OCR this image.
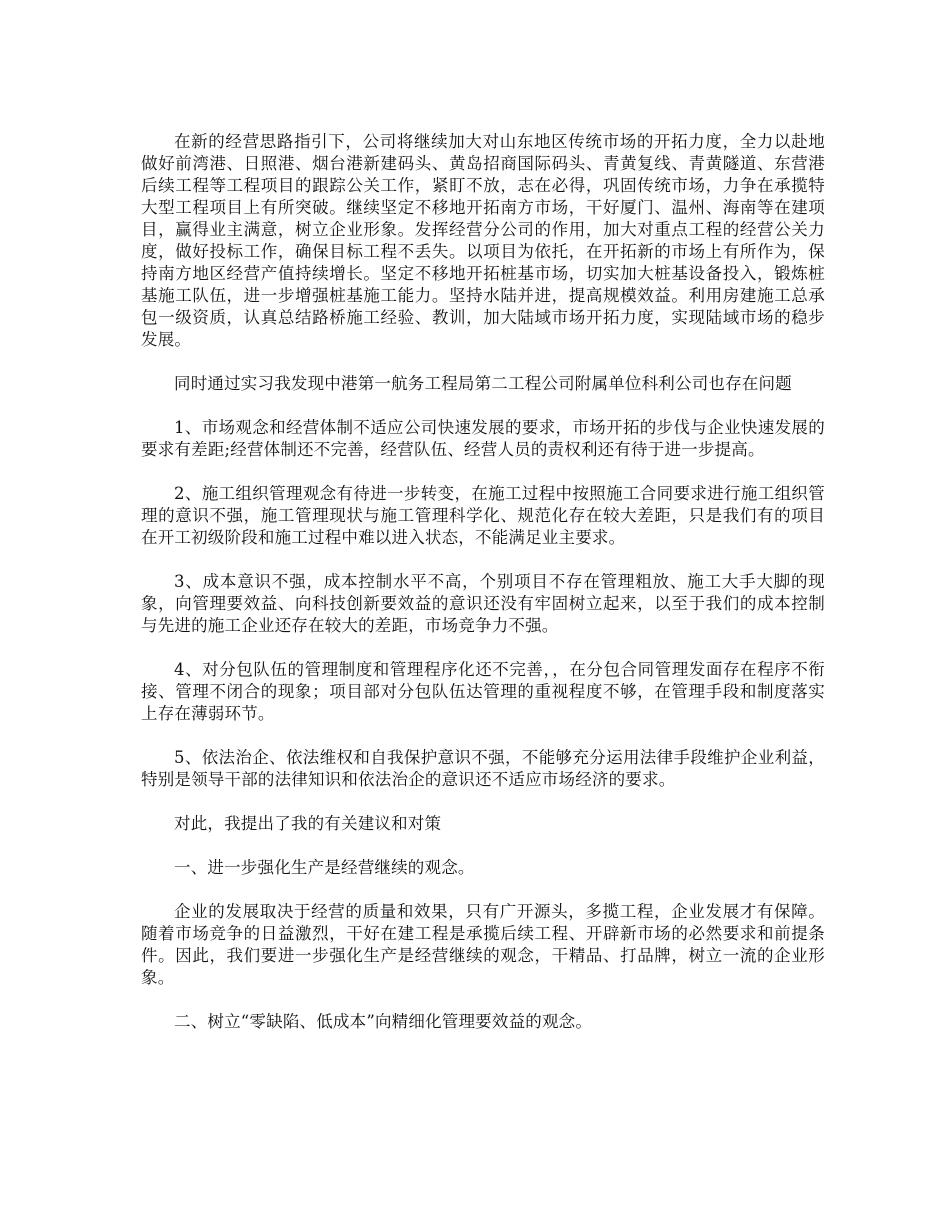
在新的经营思路指引下，公司将继续加大对山东地区传统市场的开拓力度，全力以赴地做好前湾港、日照港、烟台港新建码头、黄岛招商国际码头、青黄复线、青黄隧道、东营港后续工程等工程项目的跟踪公关工作，紧盯不放，志在必得，巩固传统市场，力争在承揽特大型工程项目上有所突破。继续坚定不移地开拓南方市场，干好厦门、温州、海南等在建项目，赢得业主满意，树立企业形象。发挥经营分公司的作用，加大对重点工程的经营公关力度，做好投标工作，确保目标工程不丢失。以项目为依托，在开拓新的市场上有所作为，保持南方地区经营产值持续增长。坚定不移地开拓桩基市场，切实加大桩基设备投入，锻炼桩基施工队伍，进一步增强桩基施工能力。坚持水陆并进，提高规模效益。利用房建施工总承包一级资质，认真总结路桥施工经验、教训，加大陆域市场开拓力度，实现陆域市场的稳步发展。

同时通过实习我发现中港第一航务工程局第二工程公司附属单位科利公司也存在问题

1、市场观念和经营体制不适应公司快速发展的要求，市场开拓的步伐与企业快速发展的要求有差距;经营体制还不完善，经营队伍、经营人员的责权利还有待于进一步提高。

2、施工组织管理观念有待进一步转变，在施工过程中按照施工合同要求进行施工组织管理的意识不强，施工管理现状与施工管理科学化、规范化存在较大差距，只是我们有的项目在开工初级阶段和施工过程中难以进入状态，不能满足业主要求。

3、成本意识不强，成本控制水平不高，个别项目不存在管理粗放、施工大手大脚的现象，向管理要效益、向科技创新要效益的意识还没有牢固树立起来，以至于我们的成本控制与先进的施工企业还存在较大的差距，市场竞争力不强。

4、对分包队伍的管理制度和管理程序化还不完善，，在分包合同管理发面存在程序不衔接、管理不闭合的现象；项目部对分包队伍达管理的重视程度不够，在管理手段和制度落实上存在薄弱环节。

5、依法治企、依法维权和自我保护意识不强，不能够充分运用法律手段维护企业利益，特别是领导干部的法律知识和依法治企的意识还不适应市场经济的要求。

对此，我提出了我的有关建议和对策

一、进一步强化生产是经营继续的观念。

企业的发展取决于经营的质量和效果，只有广开源头，多揽工程，企业发展才有保障。随着市场竞争的日益激烈，干好在建工程是承揽后续工程、开辟新市场的必然要求和前提条件。因此，我们要进一步强化生产是经营继续的观念，干精品、打品牌，树立一流的企业形象。

二、树立“零缺陷、低成本”向精细化管理要效益的观念。
